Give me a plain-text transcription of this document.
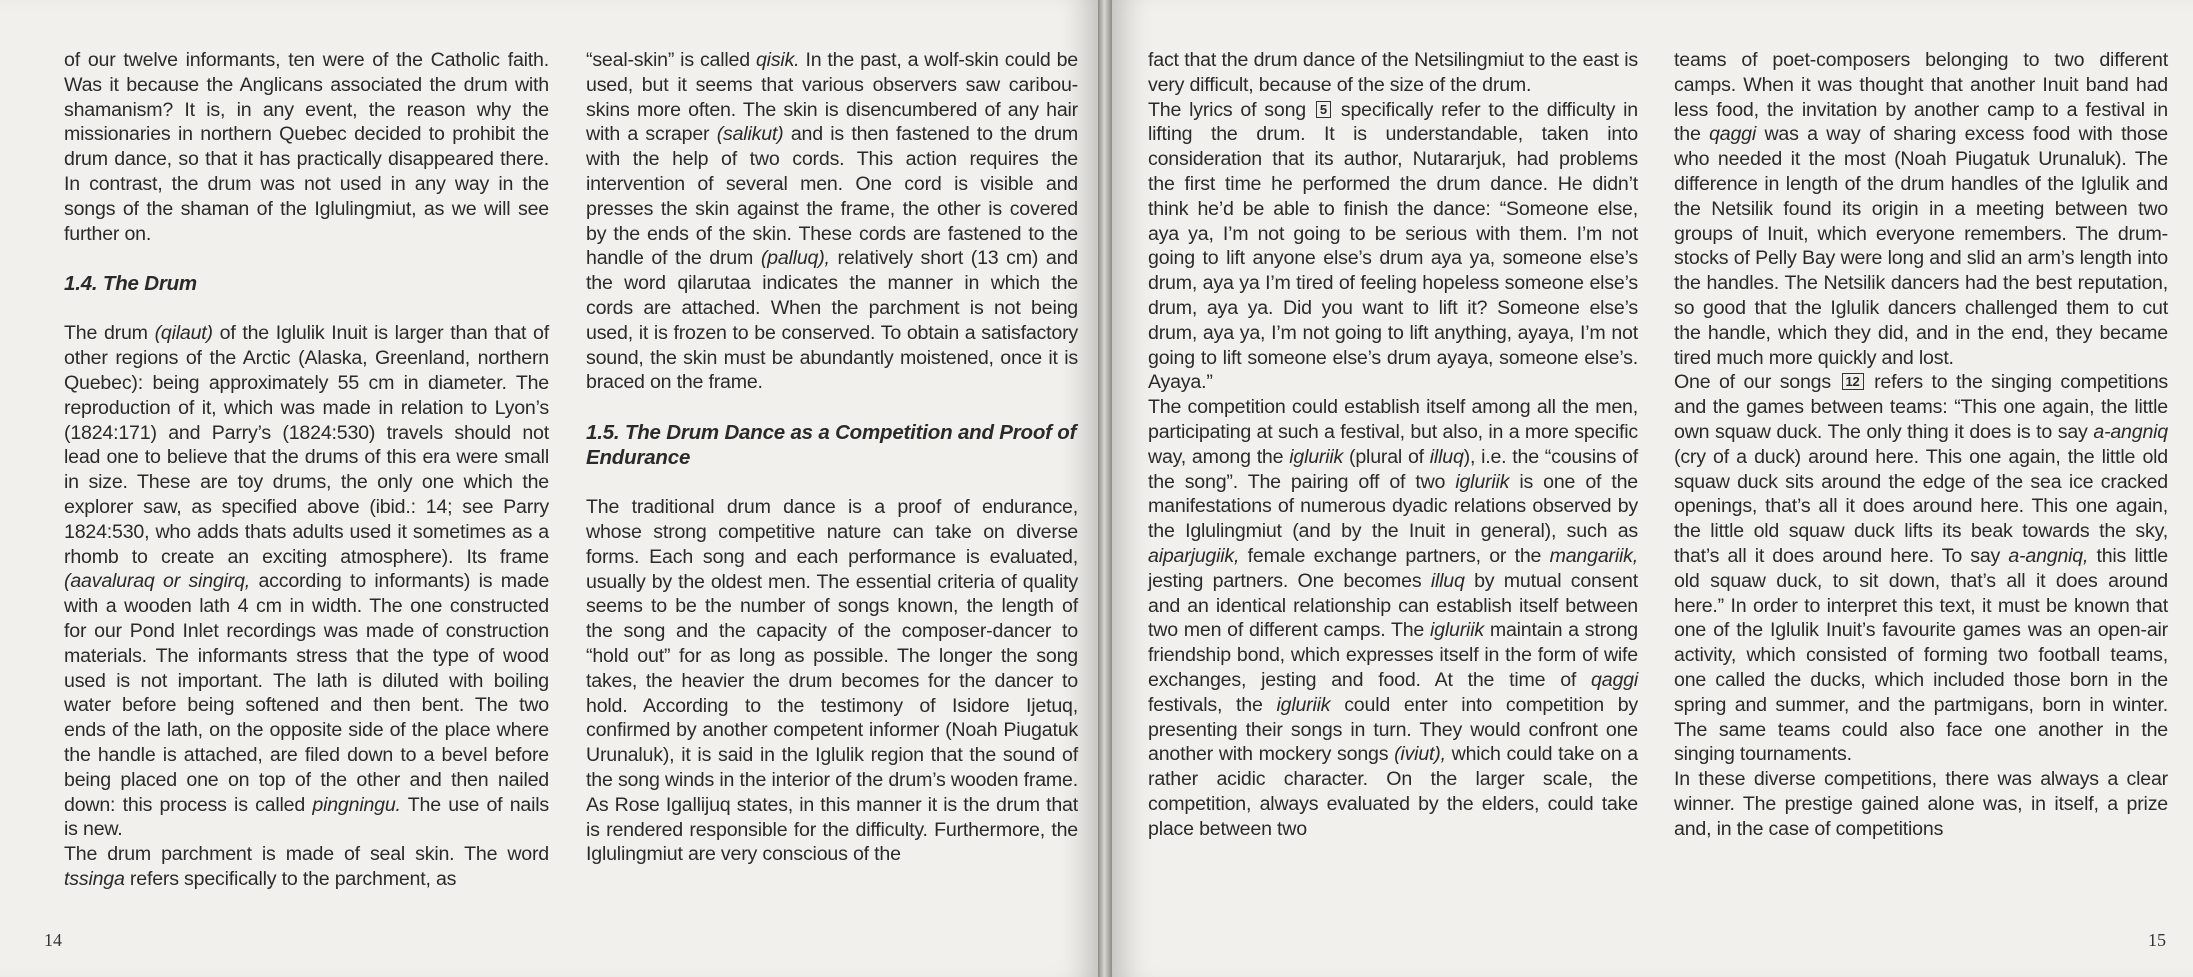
of our twelve informants, ten were of the Catholic faith. Was it because the Anglicans associated the drum with shamanism? It is, in any event, the reason why the missionaries in northern Quebec decided to prohibit the drum dance, so that it has practically disappeared there. In contrast, the drum was not used in any way in the songs of the shaman of the Iglulingmiut, as we will see further on.

1.4. The Drum

The drum (qilaut) of the Iglulik Inuit is larger than that of other regions of the Arctic (Alaska, Greenland, northern Quebec): being approximately 55 cm in diameter. The reproduction of it, which was made in relation to Lyon’s (1824:171) and Parry’s (1824:530) travels should not lead one to believe that the drums of this era were small in size. These are toy drums, the only one which the explorer saw, as specified above (ibid.: 14; see Parry 1824:530, who adds thats adults used it sometimes as a rhomb to create an exciting atmosphere). Its frame (aavaluraq or singirq, according to informants) is made with a wooden lath 4 cm in width. The one constructed for our Pond Inlet recordings was made of construction materials. The informants stress that the type of wood used is not important. The lath is diluted with boiling water before being softened and then bent. The two ends of the lath, on the opposite side of the place where the handle is attached, are filed down to a bevel before being placed one on top of the other and then nailed down: this process is called pingningu. The use of nails is new.

The drum parchment is made of seal skin. The word tssinga refers specifically to the parchment, as

“seal-skin” is called qisik. In the past, a wolf-skin could be used, but it seems that various observers saw caribou-skins more often. The skin is disencumbered of any hair with a scraper (salikut) and is then fastened to the drum with the help of two cords. This action requires the intervention of several men. One cord is visible and presses the skin against the frame, the other is covered by the ends of the skin. These cords are fastened to the handle of the drum (palluq), relatively short (13 cm) and the word qilarutaa indicates the manner in which the cords are attached. When the parchment is not being used, it is frozen to be conserved. To obtain a satisfactory sound, the skin must be abundantly moistened, once it is braced on the frame.

1.5. The Drum Dance as a Competition and Proof of Endurance

The traditional drum dance is a proof of endurance, whose strong competitive nature can take on diverse forms. Each song and each performance is evaluated, usually by the oldest men. The essential criteria of quality seems to be the number of songs known, the length of the song and the capacity of the composer-dancer to “hold out” for as long as possible. The longer the song takes, the heavier the drum becomes for the dancer to hold. According to the testimony of Isidore Ijetuq, confirmed by another competent informer (Noah Piugatuk Urunaluk), it is said in the Iglulik region that the sound of the song winds in the interior of the drum’s wooden frame. As Rose Igallijuq states, in this manner it is the drum that is rendered responsible for the difficulty. Furthermore, the Iglulingmiut are very conscious of the

14	15

fact that the drum dance of the Netsilingmiut to the east is very difficult, because of the size of the drum.

The lyrics of song 5 specifically refer to the difficulty in lifting the drum. It is understandable, taken into consideration that its author, Nutararjuk, had problems the first time he performed the drum dance. He didn’t think he’d be able to finish the dance: “Someone else, aya ya, I’m not going to be serious with them. I’m not going to lift anyone else’s drum aya ya, someone else’s drum, aya ya I’m tired of feeling hopeless someone else’s drum, aya ya. Did you want to lift it? Someone else’s drum, aya ya, I’m not going to lift anything, ayaya, I’m not going to lift someone else’s drum ayaya, someone else’s. Ayaya.”

The competition could establish itself among all the men, participating at such a festival, but also, in a more specific way, among the igluriik (plural of illuq), i.e. the “cousins of the song”. The pairing off of two igluriik is one of the manifestations of numerous dyadic relations observed by the Iglulingmiut (and by the Inuit in general), such as aiparjugiik, female exchange partners, or the mangariik, jesting partners. One becomes illuq by mutual consent and an identical relationship can establish itself between two men of different camps. The igluriik maintain a strong friendship bond, which expresses itself in the form of wife exchanges, jesting and food. At the time of qaggi festivals, the igluriik could enter into competition by presenting their songs in turn. They would confront one another with mockery songs (iviut), which could take on a rather acidic character. On the larger scale, the competition, always evaluated by the elders, could take place between two

teams of poet-composers belonging to two different camps. When it was thought that another Inuit band had less food, the invitation by another camp to a festival in the qaggi was a way of sharing excess food with those who needed it the most (Noah Piugatuk Urunaluk). The difference in length of the drum handles of the Iglulik and the Netsilik found its origin in a meeting between two groups of Inuit, which everyone remembers. The drum-stocks of Pelly Bay were long and slid an arm’s length into the handles. The Netsilik dancers had the best reputation, so good that the Iglulik dancers challenged them to cut the handle, which they did, and in the end, they became tired much more quickly and lost.

One of our songs 12 refers to the singing competitions and the games between teams: “This one again, the little own squaw duck. The only thing it does is to say a-angniq (cry of a duck) around here. This one again, the little old squaw duck sits around the edge of the sea ice cracked openings, that’s all it does around here. This one again, the little old squaw duck lifts its beak towards the sky, that’s all it does around here. To say a-angniq, this little old squaw duck, to sit down, that’s all it does around here.” In order to interpret this text, it must be known that one of the Iglulik Inuit’s favourite games was an open-air activity, which consisted of forming two football teams, one called the ducks, which included those born in the spring and summer, and the partmigans, born in winter. The same teams could also face one another in the singing tournaments.

In these diverse competitions, there was always a clear winner. The prestige gained alone was, in itself, a prize and, in the case of competitions
